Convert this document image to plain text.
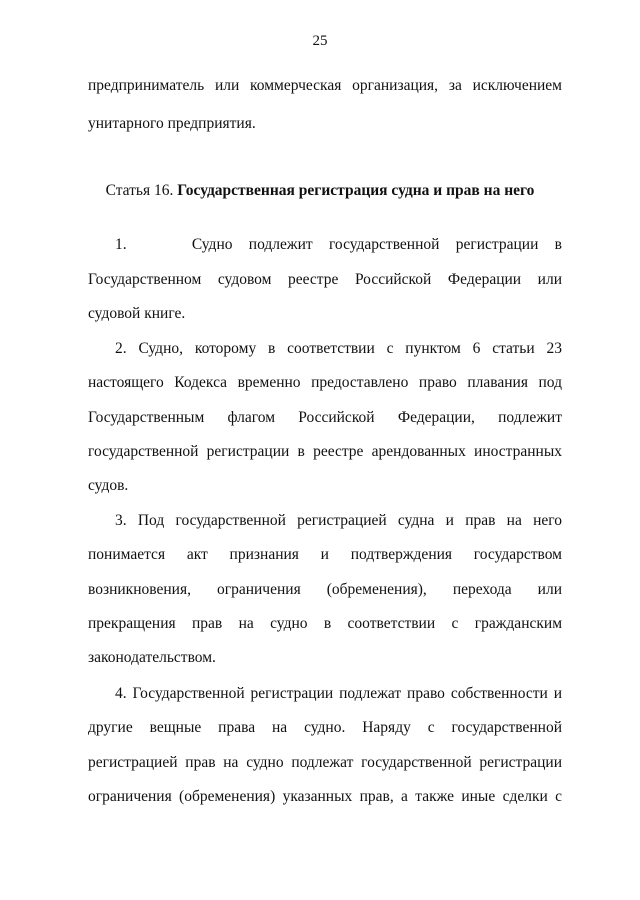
25
предприниматель или коммерческая организация, за исключением
унитарного предприятия.
Статья 16. Государственная регистрация судна и прав на него
1.    Судно подлежит государственной регистрации в
Государственном судовом реестре Российской Федерации или
судовой книге.
2. Судно, которому в соответствии с пунктом 6 статьи 23
настоящего Кодекса временно предоставлено право плавания под
Государственным флагом Российской Федерации, подлежит
государственной регистрации в реестре арендованных иностранных
судов.
3. Под государственной регистрацией судна и прав на него
понимается акт признания и подтверждения государством
возникновения, ограничения (обременения), перехода или
прекращения прав на судно в соответствии с гражданским
законодательством.
4. Государственной регистрации подлежат право собственности и
другие вещные права на судно. Наряду с государственной
регистрацией прав на судно подлежат государственной регистрации
ограничения (обременения) указанных прав, а также иные сделки с
